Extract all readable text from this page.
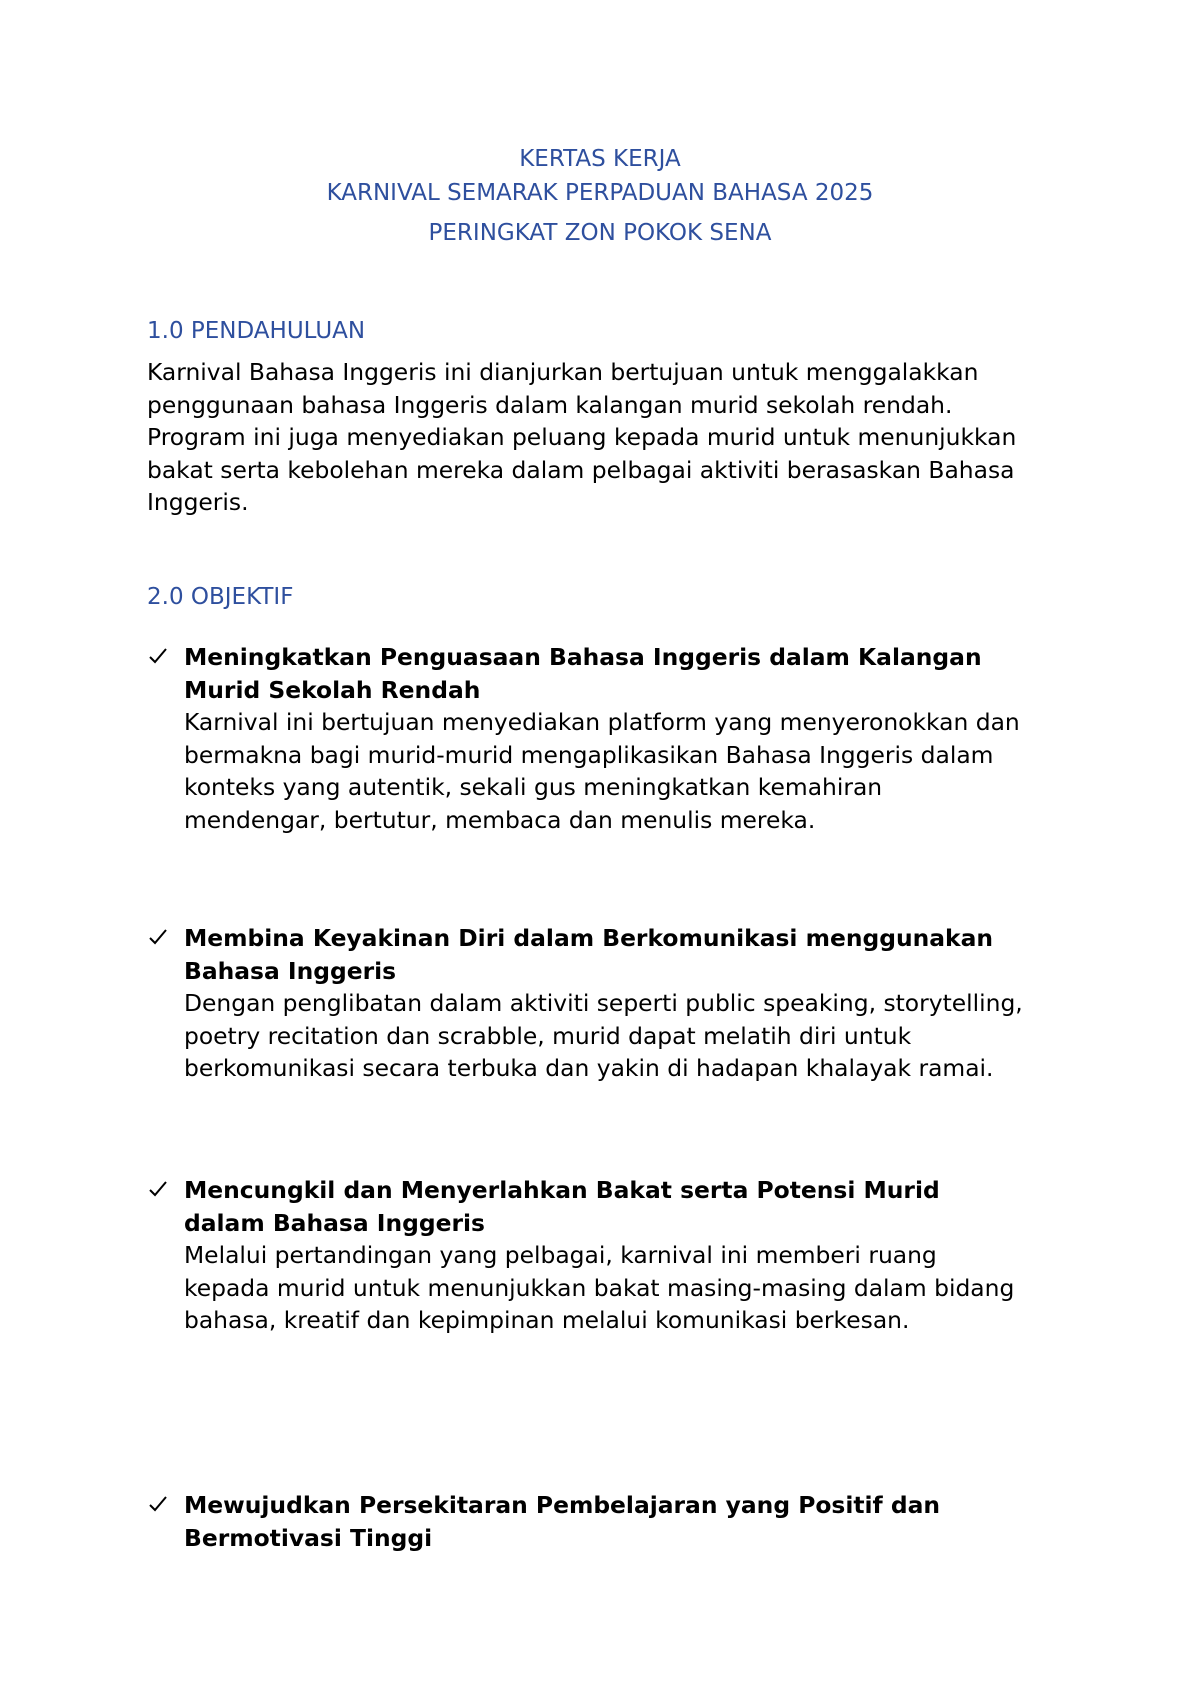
KERTAS KERJA
KARNIVAL SEMARAK PERPADUAN BAHASA 2025
PERINGKAT ZON POKOK SENA
1.0 PENDAHULUAN
Karnival Bahasa Inggeris ini dianjurkan bertujuan untuk menggalakkan
penggunaan bahasa Inggeris dalam kalangan murid sekolah rendah.
Program ini juga menyediakan peluang kepada murid untuk menunjukkan
bakat serta kebolehan mereka dalam pelbagai aktiviti berasaskan Bahasa
Inggeris.
2.0 OBJEKTIF
Meningkatkan Penguasaan Bahasa Inggeris dalam Kalangan
Murid Sekolah Rendah
Karnival ini bertujuan menyediakan platform yang menyeronokkan dan
bermakna bagi murid-murid mengaplikasikan Bahasa Inggeris dalam
konteks yang autentik, sekali gus meningkatkan kemahiran
mendengar, bertutur, membaca dan menulis mereka.
Membina Keyakinan Diri dalam Berkomunikasi menggunakan
Bahasa Inggeris
Dengan penglibatan dalam aktiviti seperti public speaking, storytelling,
poetry recitation dan scrabble, murid dapat melatih diri untuk
berkomunikasi secara terbuka dan yakin di hadapan khalayak ramai.
Mencungkil dan Menyerlahkan Bakat serta Potensi Murid
dalam Bahasa Inggeris
Melalui pertandingan yang pelbagai, karnival ini memberi ruang
kepada murid untuk menunjukkan bakat masing-masing dalam bidang
bahasa, kreatif dan kepimpinan melalui komunikasi berkesan.
Mewujudkan Persekitaran Pembelajaran yang Positif dan
Bermotivasi Tinggi
